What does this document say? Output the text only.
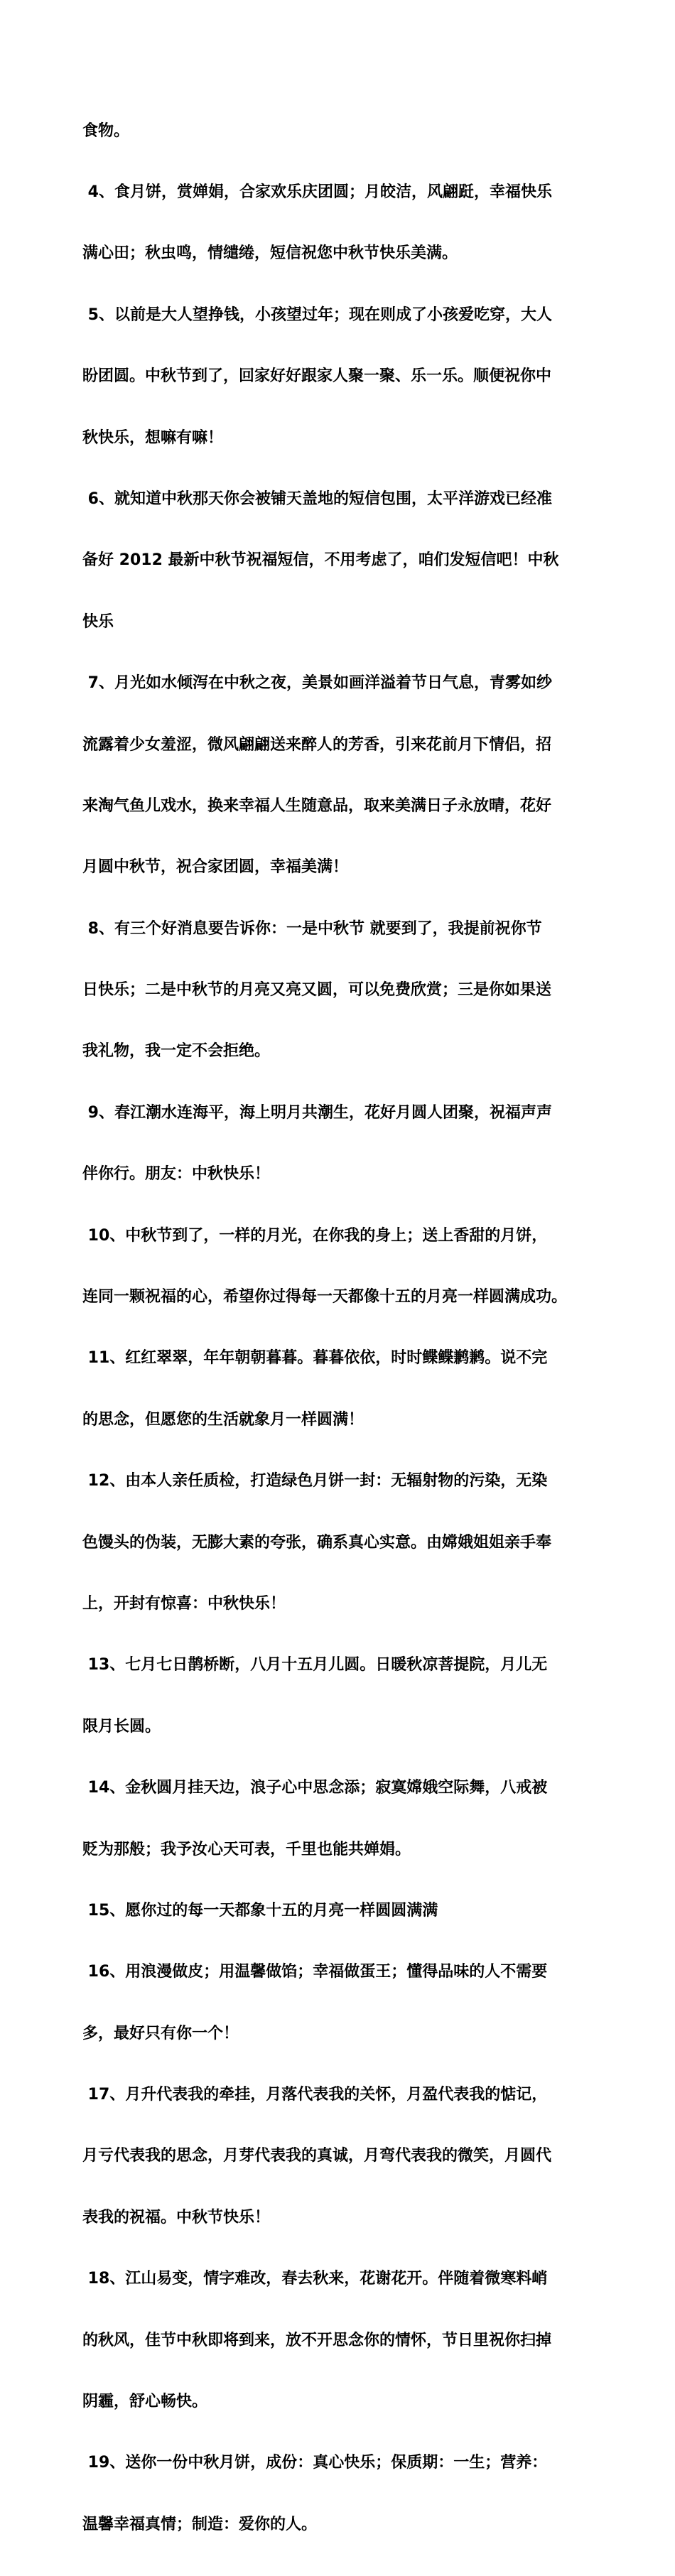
食物。

4、食月饼，赏婵娟，合家欢乐庆团圆；月皎洁，风翩跹，幸福快乐

满心田；秋虫鸣，情缱绻，短信祝您中秋节快乐美满。

5、以前是大人望挣钱，小孩望过年；现在则成了小孩爱吃穿，大人

盼团圆。中秋节到了，回家好好跟家人聚一聚、乐一乐。顺便祝你中

秋快乐，想嘛有嘛！

6、就知道中秋那天你会被铺天盖地的短信包围，太平洋游戏已经准

备好 2012 最新中秋节祝福短信，不用考虑了，咱们发短信吧！中秋

快乐

7、月光如水倾泻在中秋之夜，美景如画洋溢着节日气息，青雾如纱

流露着少女羞涩，微风翩翩送来醉人的芳香，引来花前月下情侣，招

来淘气鱼儿戏水，换来幸福人生随意品，取来美满日子永放晴，花好

月圆中秋节，祝合家团圆，幸福美满！

8、有三个好消息要告诉你：一是中秋节 就要到了，我提前祝你节

日快乐；二是中秋节的月亮又亮又圆，可以免费欣赏；三是你如果送

我礼物，我一定不会拒绝。

9、春江潮水连海平，海上明月共潮生，花好月圆人团聚，祝福声声

伴你行。朋友：中秋快乐！

10、中秋节到了，一样的月光，在你我的身上；送上香甜的月饼，

连同一颗祝福的心，希望你过得每一天都像十五的月亮一样圆满成功。

11、红红翠翠，年年朝朝暮暮。暮暮依依，时时鲽鲽鹣鹣。说不完

的思念，但愿您的生活就象月一样圆满！

12、由本人亲任质检，打造绿色月饼一封：无辐射物的污染，无染

色馒头的伪装，无膨大素的夸张，确系真心实意。由嫦娥姐姐亲手奉

上，开封有惊喜：中秋快乐！

13、七月七日鹊桥断，八月十五月儿圆。日暖秋凉菩提院，月儿无

限月长圆。

14、金秋圆月挂天边，浪子心中思念添；寂寞嫦娥空际舞，八戒被

贬为那般；我予汝心天可表，千里也能共婵娟。

15、愿你过的每一天都象十五的月亮一样圆圆满满

16、用浪漫做皮；用温馨做馅；幸福做蛋王；懂得品味的人不需要

多，最好只有你一个！

17、月升代表我的牵挂，月落代表我的关怀，月盈代表我的惦记，

月亏代表我的思念，月芽代表我的真诚，月弯代表我的微笑，月圆代

表我的祝福。中秋节快乐！

18、江山易变，情字难改，春去秋来，花谢花开。伴随着微寒料峭

的秋风，佳节中秋即将到来，放不开思念你的情怀，节日里祝你扫掉

阴霾，舒心畅快。

19、送你一份中秋月饼，成份：真心快乐；保质期：一生；营养：

温馨幸福真情；制造：爱你的人。
